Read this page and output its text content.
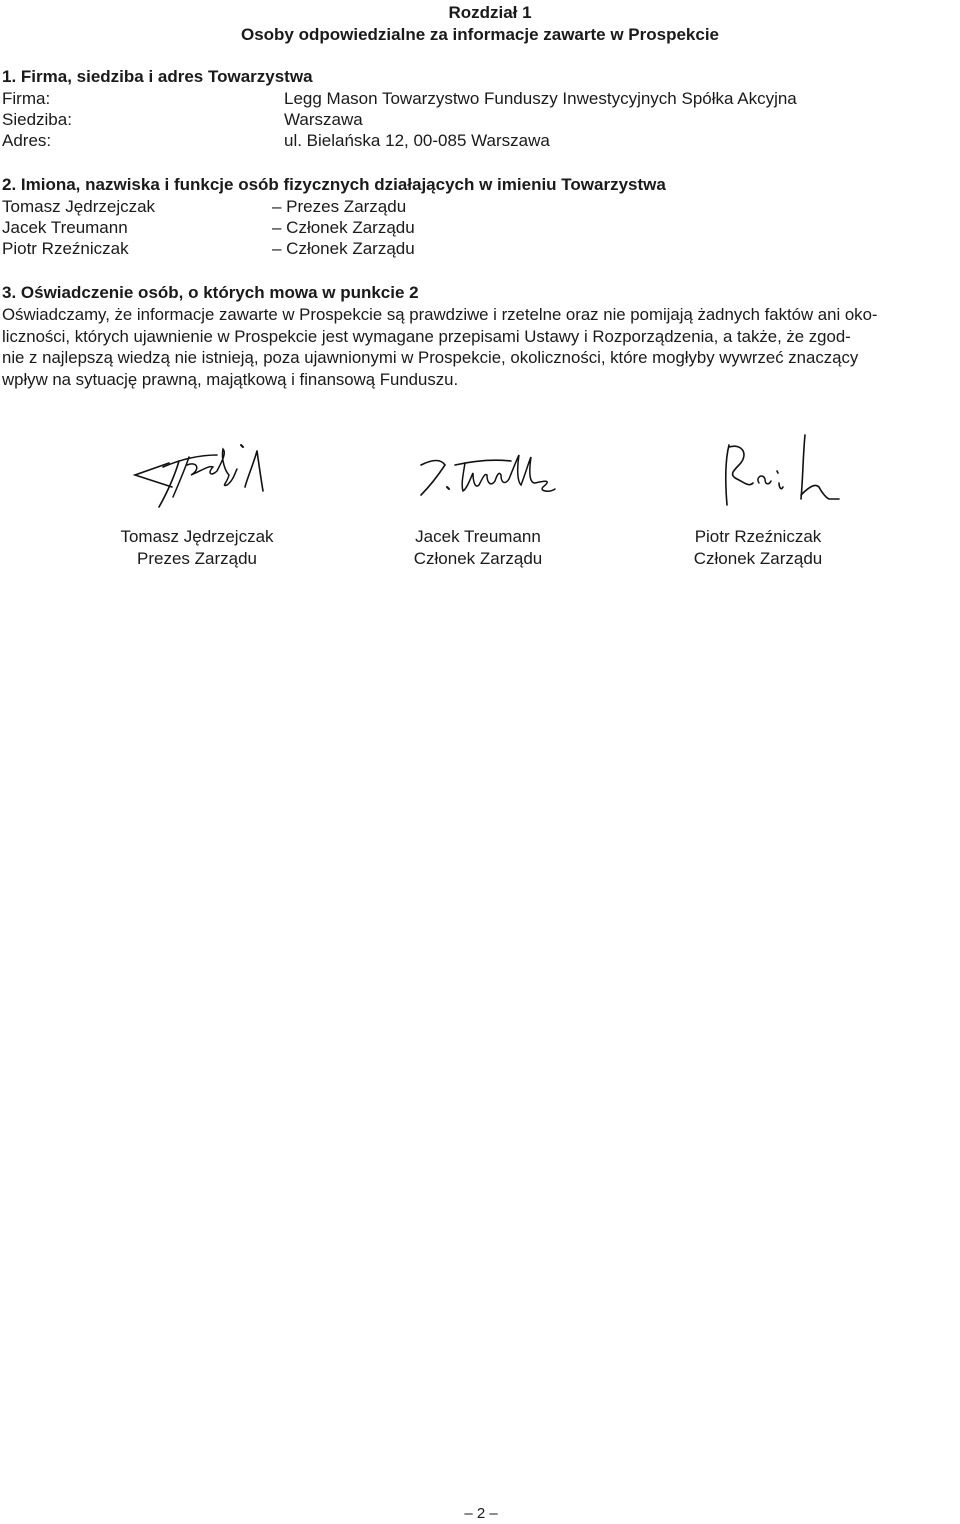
Rozdział 1
Osoby odpowiedzialne za informacje zawarte w Prospekcie
1. Firma, siedziba i adres Towarzystwa
Firma:	Legg Mason Towarzystwo Funduszy Inwestycyjnych Spółka Akcyjna
Siedziba:	Warszawa
Adres:	ul. Bielańska 12, 00-085 Warszawa
2. Imiona, nazwiska i funkcje osób fizycznych działających w imieniu Towarzystwa
Tomasz Jędrzejczak	– Prezes Zarządu
Jacek Treumann	– Członek Zarządu
Piotr Rzeźniczak	– Członek Zarządu
3. Oświadczenie osób, o których mowa w punkcie 2
Oświadczamy, że informacje zawarte w Prospekcie są prawdziwe i rzetelne oraz nie pomijają żadnych faktów ani oko-
liczności, których ujawnienie w Prospekcie jest wymagane przepisami Ustawy i Rozporządzenia, a także, że zgod-
nie z najlepszą wiedzą nie istnieją, poza ujawnionymi w Prospekcie, okoliczności, które mogłyby wywrzeć znaczący
wpływ na sytuację prawną, majątkową i finansową Funduszu.
Tomasz Jędrzejczak
Prezes Zarządu
Jacek Treumann
Członek Zarządu
Piotr Rzeźniczak
Członek Zarządu
– 2 –
